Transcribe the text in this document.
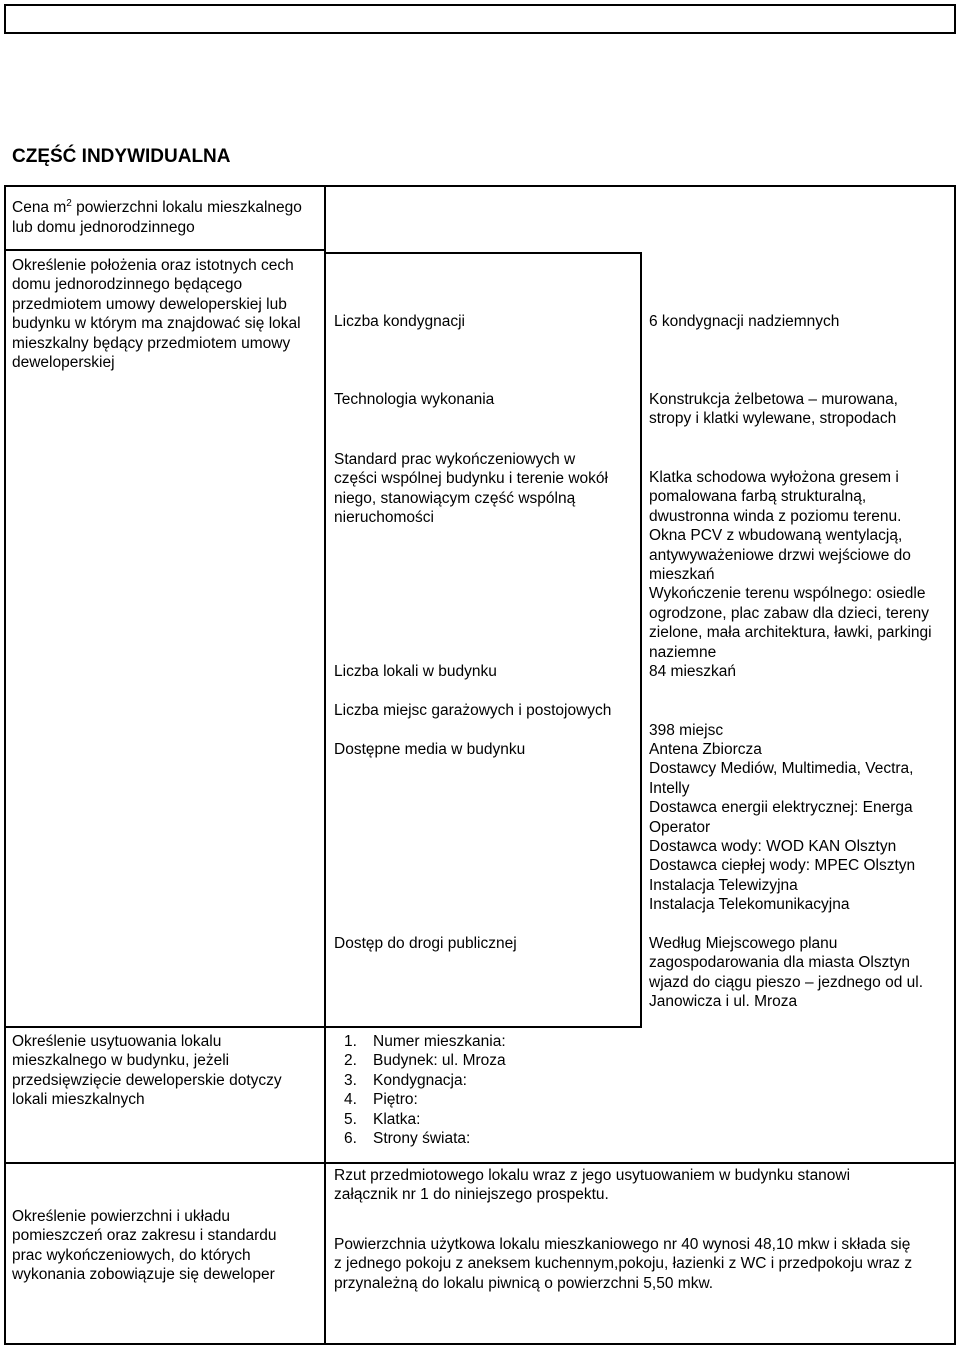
CZĘŚĆ INDYWIDUALNA
Cena $m^2$ powierzchni lokalu mieszkalnego
lub domu jednorodzinnego
Określenie położenia oraz istotnych cech
domu jednorodzinnego będącego
przedmiotem umowy deweloperskiej lub
budynku w którym ma znajdować się lokal
mieszkalny będący przedmiotem umowy
deweloperskiej
Określenie usytuowania lokalu
mieszkalnego w budynku, jeżeli
przedsięwzięcie deweloperskie dotyczy
lokali mieszkalnych
Określenie powierzchni i układu
pomieszczeń oraz zakresu i standardu
prac wykończeniowych, do których
wykonania zobowiązuje się deweloper
Liczba kondygnacji
Technologia wykonania
Standard prac wykończeniowych w
części wspólnej budynku i terenie wokół
niego, stanowiącym część wspólną
nieruchomości
Liczba lokali w budynku
Liczba miejsc garażowych i postojowych
Dostępne media w budynku
Dostęp do drogi publicznej
6 kondygnacji nadziemnych
Konstrukcja żelbetowa – murowana,
stropy i klatki wylewane, stropodach
Klatka schodowa wyłożona gresem i
pomalowana farbą strukturalną,
dwustronna winda z poziomu terenu.
Okna PCV z wbudowaną wentylacją,
antywyważeniowe drzwi wejściowe do
mieszkań
Wykończenie terenu wspólnego: osiedle
ogrodzone, plac zabaw dla dzieci, tereny
zielone, mała architektura, ławki, parkingi
naziemne
84 mieszkań
398 miejsc
Antena Zbiorcza
Dostawcy Mediów, Multimedia, Vectra,
Intelly
Dostawca energii elektrycznej: Energa
Operator
Dostawca wody: WOD KAN Olsztyn
Dostawca ciepłej wody: MPEC Olsztyn
Instalacja Telewizyjna
Instalacja Telekomunikacyjna
Według Miejscowego planu
zagospodarowania dla miasta Olsztyn
wjazd do ciągu pieszo – jezdnego od ul.
Janowicza i ul. Mroza
1. Numer mieszkania:
2. Budynek: ul. Mroza
3. Kondygnacja:
4. Piętro:
5. Klatka:
6. Strony świata:
Rzut przedmiotowego lokalu wraz z jego usytuowaniem w budynku stanowi
załącznik nr 1 do niniejszego prospektu.
Powierzchnia użytkowa lokalu mieszkaniowego nr 40 wynosi 48,10 mkw i składa się
z jednego pokoju z aneksem kuchennym,pokoju, łazienki z WC i przedpokoju wraz z
przynależną do lokalu piwnicą o powierzchni 5,50 mkw.
